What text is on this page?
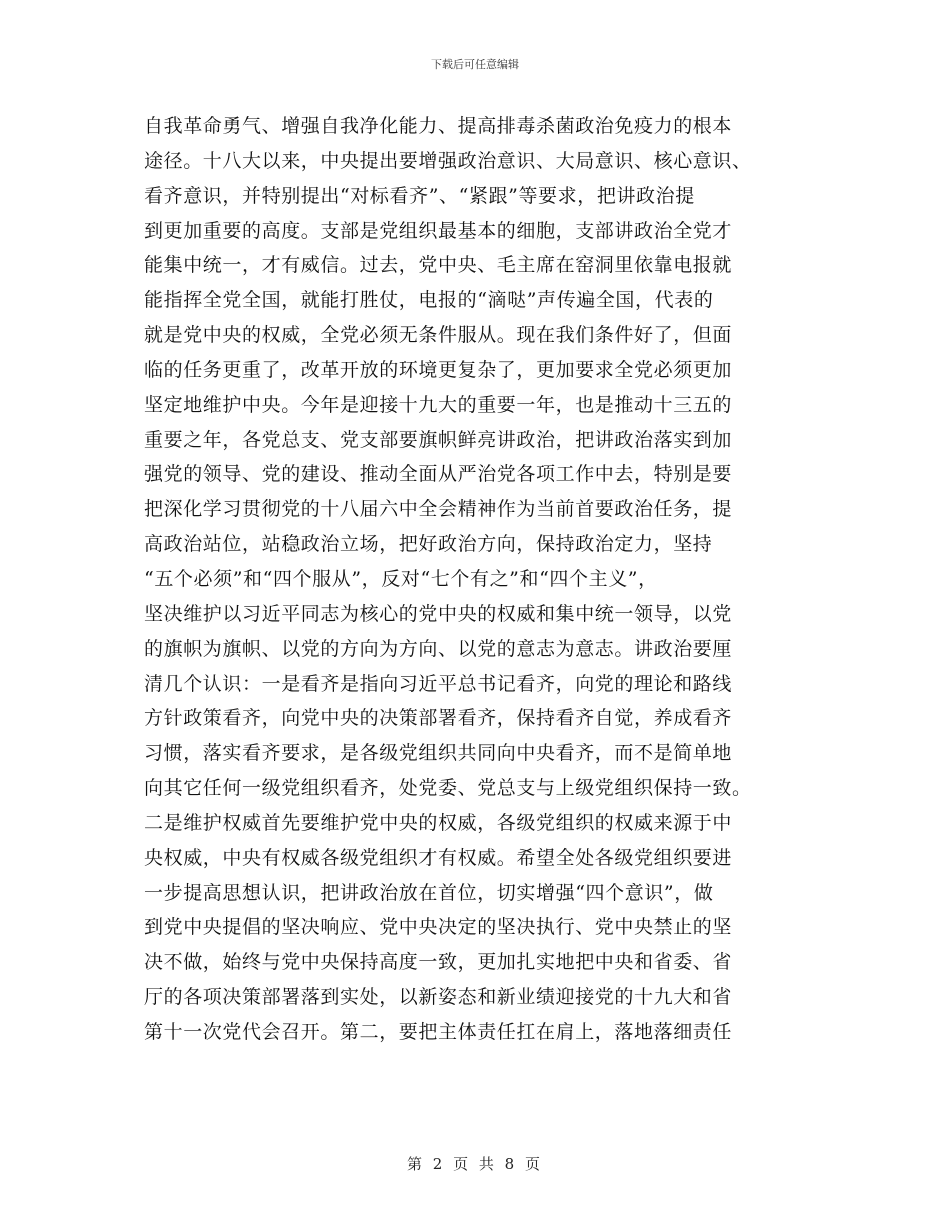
下载后可任意编辑
自我革命勇气、增强自我净化能力、提高排毒杀菌政治免疫力的根本
途径。十八大以来，中央提出要增强政治意识、大局意识、核心意识、
看齐意识，并特别提出“对标看齐”、“紧跟”等要求，把讲政治提
到更加重要的高度。支部是党组织最基本的细胞，支部讲政治全党才
能集中统一，才有威信。过去，党中央、毛主席在窑洞里依靠电报就
能指挥全党全国，就能打胜仗，电报的“滴哒”声传遍全国，代表的
就是党中央的权威，全党必须无条件服从。现在我们条件好了，但面
临的任务更重了，改革开放的环境更复杂了，更加要求全党必须更加
坚定地维护中央。今年是迎接十九大的重要一年，也是推动十三五的
重要之年，各党总支、党支部要旗帜鲜亮讲政治，把讲政治落实到加
强党的领导、党的建设、推动全面从严治党各项工作中去，特别是要
把深化学习贯彻党的十八届六中全会精神作为当前首要政治任务，提
高政治站位，站稳政治立场，把好政治方向，保持政治定力，坚持
“五个必须”和“四个服从”，反对“七个有之”和“四个主义”，
坚决维护以习近平同志为核心的党中央的权威和集中统一领导，以党
的旗帜为旗帜、以党的方向为方向、以党的意志为意志。讲政治要厘
清几个认识：一是看齐是指向习近平总书记看齐，向党的理论和路线
方针政策看齐，向党中央的决策部署看齐，保持看齐自觉，养成看齐
习惯，落实看齐要求，是各级党组织共同向中央看齐，而不是简单地
向其它任何一级党组织看齐，处党委、党总支与上级党组织保持一致。
二是维护权威首先要维护党中央的权威，各级党组织的权威来源于中
央权威，中央有权威各级党组织才有权威。希望全处各级党组织要进
一步提高思想认识，把讲政治放在首位，切实增强“四个意识”，做
到党中央提倡的坚决响应、党中央决定的坚决执行、党中央禁止的坚
决不做，始终与党中央保持高度一致，更加扎实地把中央和省委、省
厅的各项决策部署落到实处，以新姿态和新业绩迎接党的十九大和省
第十一次党代会召开。第二，要把主体责任扛在肩上，落地落细责任
第 2 页 共 8 页
